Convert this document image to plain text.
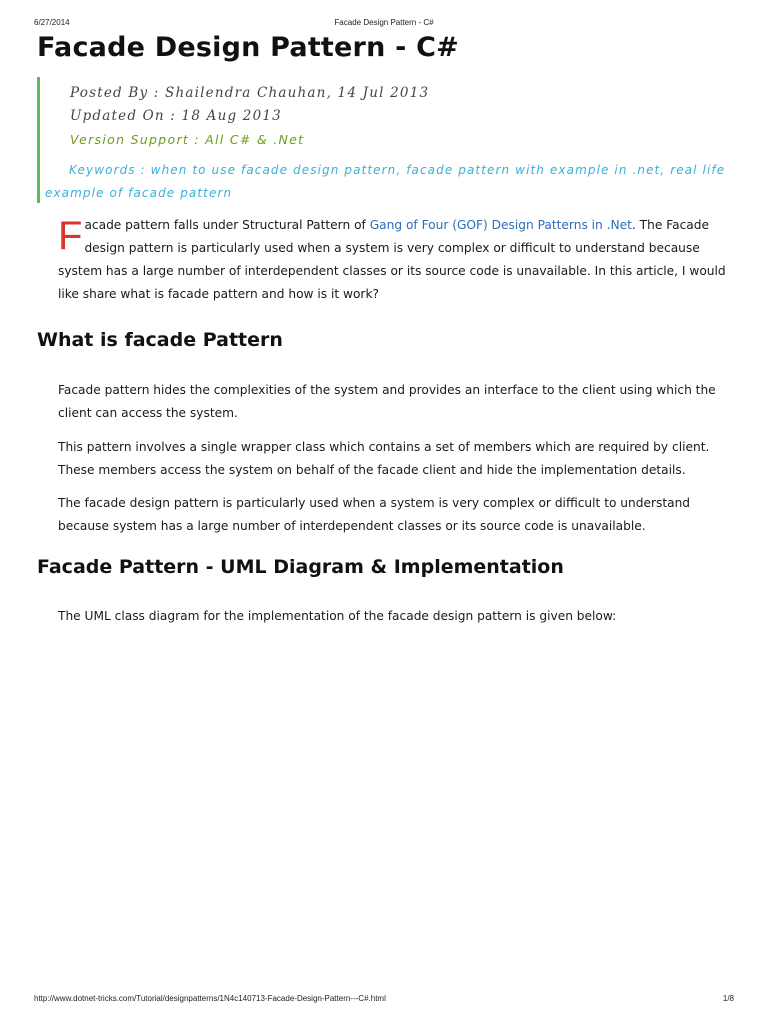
6/27/2014	Facade Design Pattern - C#
Facade Design Pattern - C#
Posted By : Shailendra Chauhan, 14 Jul 2013
Updated On : 18 Aug 2013
Version Support : All C# & .Net
Keywords : when to use facade design pattern, facade pattern with example in .net, real life example of facade pattern
Facade pattern falls under Structural Pattern of Gang of Four (GOF) Design Patterns in .Net. The Facade design pattern is particularly used when a system is very complex or difficult to understand because system has a large number of interdependent classes or its source code is unavailable. In this article, I would like share what is facade pattern and how is it work?
What is facade Pattern

Facade pattern hides the complexities of the system and provides an interface to the client using which the client can access the system.

This pattern involves a single wrapper class which contains a set of members which are required by client. These members access the system on behalf of the facade client and hide the implementation details.

The facade design pattern is particularly used when a system is very complex or difficult to understand because system has a large number of interdependent classes or its source code is unavailable.

Facade Pattern - UML Diagram & Implementation

The UML class diagram for the implementation of the facade design pattern is given below:

http://www.dotnet-tricks.com/Tutorial/designpatterns/1N4c140713-Facade-Design-Pattern---C#.html	1/8
